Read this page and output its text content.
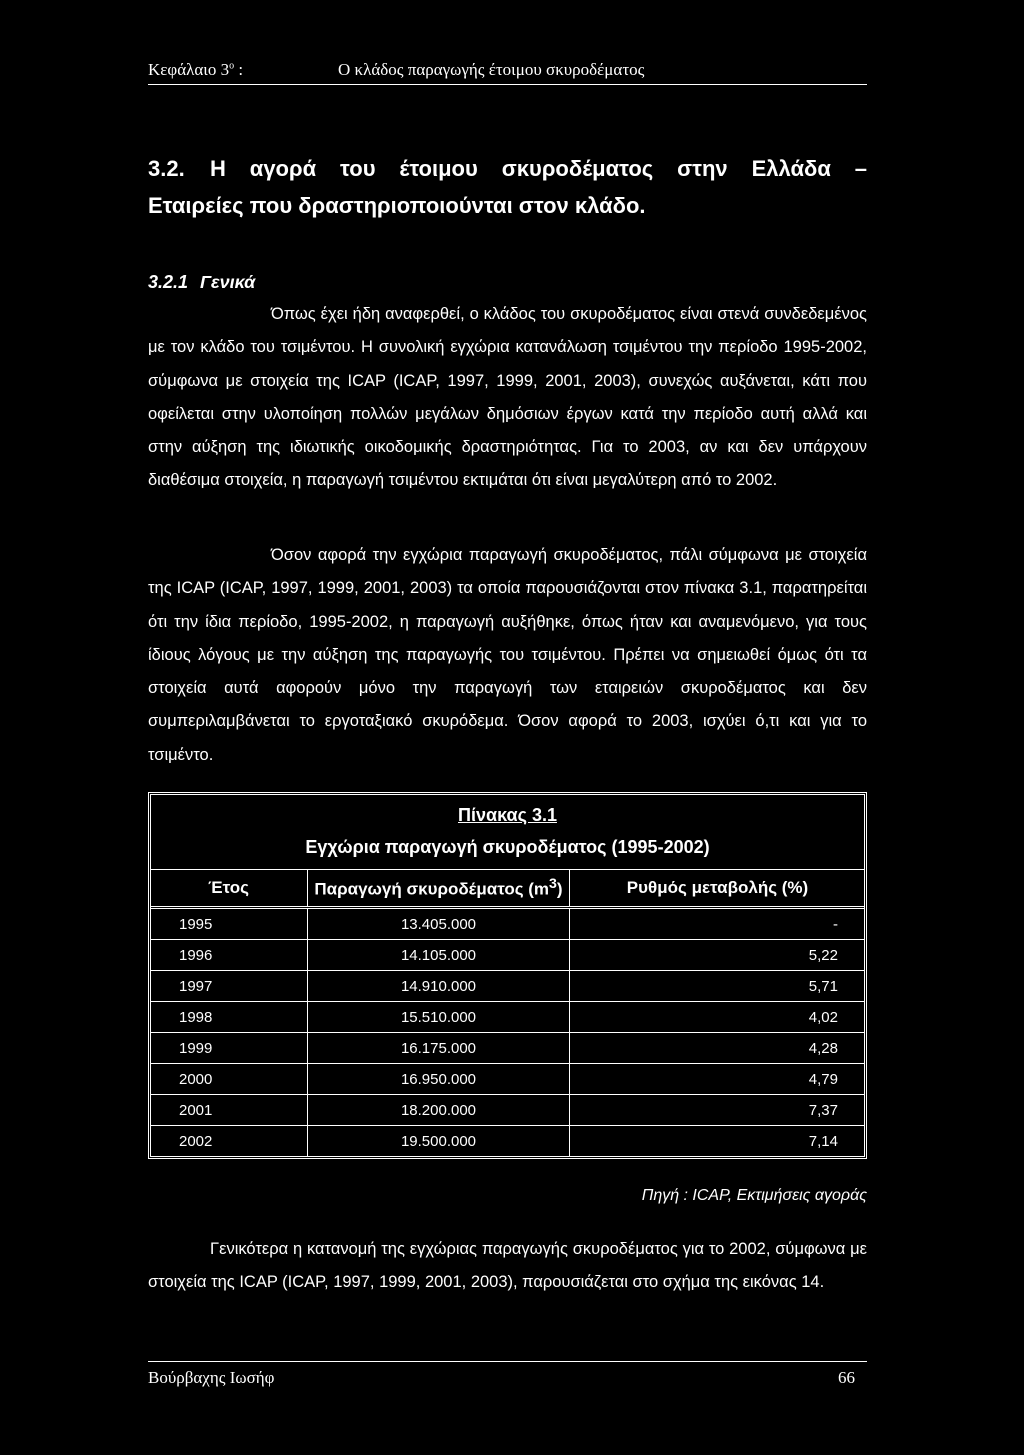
Κεφάλαιο $3^o$ :	Ο κλάδος παραγωγής έτοιμου σκυροδέματος
3.2. Η αγορά του έτοιμου σκυροδέματος στην Ελλάδα –
Εταιρείες που δραστηριοποιούνται στον κλάδο.
3.2.1 Γενικά

Όπως έχει ήδη αναφερθεί, ο κλάδος του σκυροδέματος είναι στενά συνδεδεμένος με τον κλάδο του τσιμέντου. Η συνολική εγχώρια κατανάλωση τσιμέντου την περίοδο 1995-2002, σύμφωνα με στοιχεία της ICAP (ICAP, 1997, 1999, 2001, 2003), συνεχώς αυξάνεται, κάτι που οφείλεται στην υλοποίηση πολλών μεγάλων δημόσιων έργων κατά την περίοδο αυτή αλλά και στην αύξηση της ιδιωτικής οικοδομικής δραστηριότητας. Για το 2003, αν και δεν υπάρχουν διαθέσιμα στοιχεία, η παραγωγή τσιμέντου εκτιμάται ότι είναι μεγαλύτερη από το 2002.

Όσον αφορά την εγχώρια παραγωγή σκυροδέματος, πάλι σύμφωνα με στοιχεία της ICAP (ICAP, 1997, 1999, 2001, 2003) τα οποία παρουσιάζονται στον πίνακα 3.1, παρατηρείται ότι την ίδια περίοδο, 1995-2002, η παραγωγή αυξήθηκε, όπως ήταν και αναμενόμενο, για τους ίδιους λόγους με την αύξηση της παραγωγής του τσιμέντου. Πρέπει να σημειωθεί όμως ότι τα στοιχεία αυτά αφορούν μόνο την παραγωγή των εταιρειών σκυροδέματος και δεν συμπεριλαμβάνεται το εργοταξιακό σκυρόδεμα. Όσον αφορά το 2003, ισχύει ό,τι και για το τσιμέντο.

Πίνακας 3.1
Εγχώρια παραγωγή σκυροδέματος (1995-2002)
Έτος	Παραγωγή σκυροδέματος $(m^3)$	Ρυθμός μεταβολής (%)
1995	13.405.000	-
1996	14.105.000	5,22
1997	14.910.000	5,71
1998	15.510.000	4,02
1999	16.175.000	4,28
2000	16.950.000	4,79
2001	18.200.000	7,37
2002	19.500.000	7,14

Πηγή : ICAP, Εκτιμήσεις αγοράς

Γενικότερα η κατανομή της εγχώριας παραγωγής σκυροδέματος για το 2002, σύμφωνα με στοιχεία της ICAP (ICAP, 1997, 1999, 2001, 2003), παρουσιάζεται στο σχήμα της εικόνας 14.

Βούρβαχης Ιωσήφ	66
